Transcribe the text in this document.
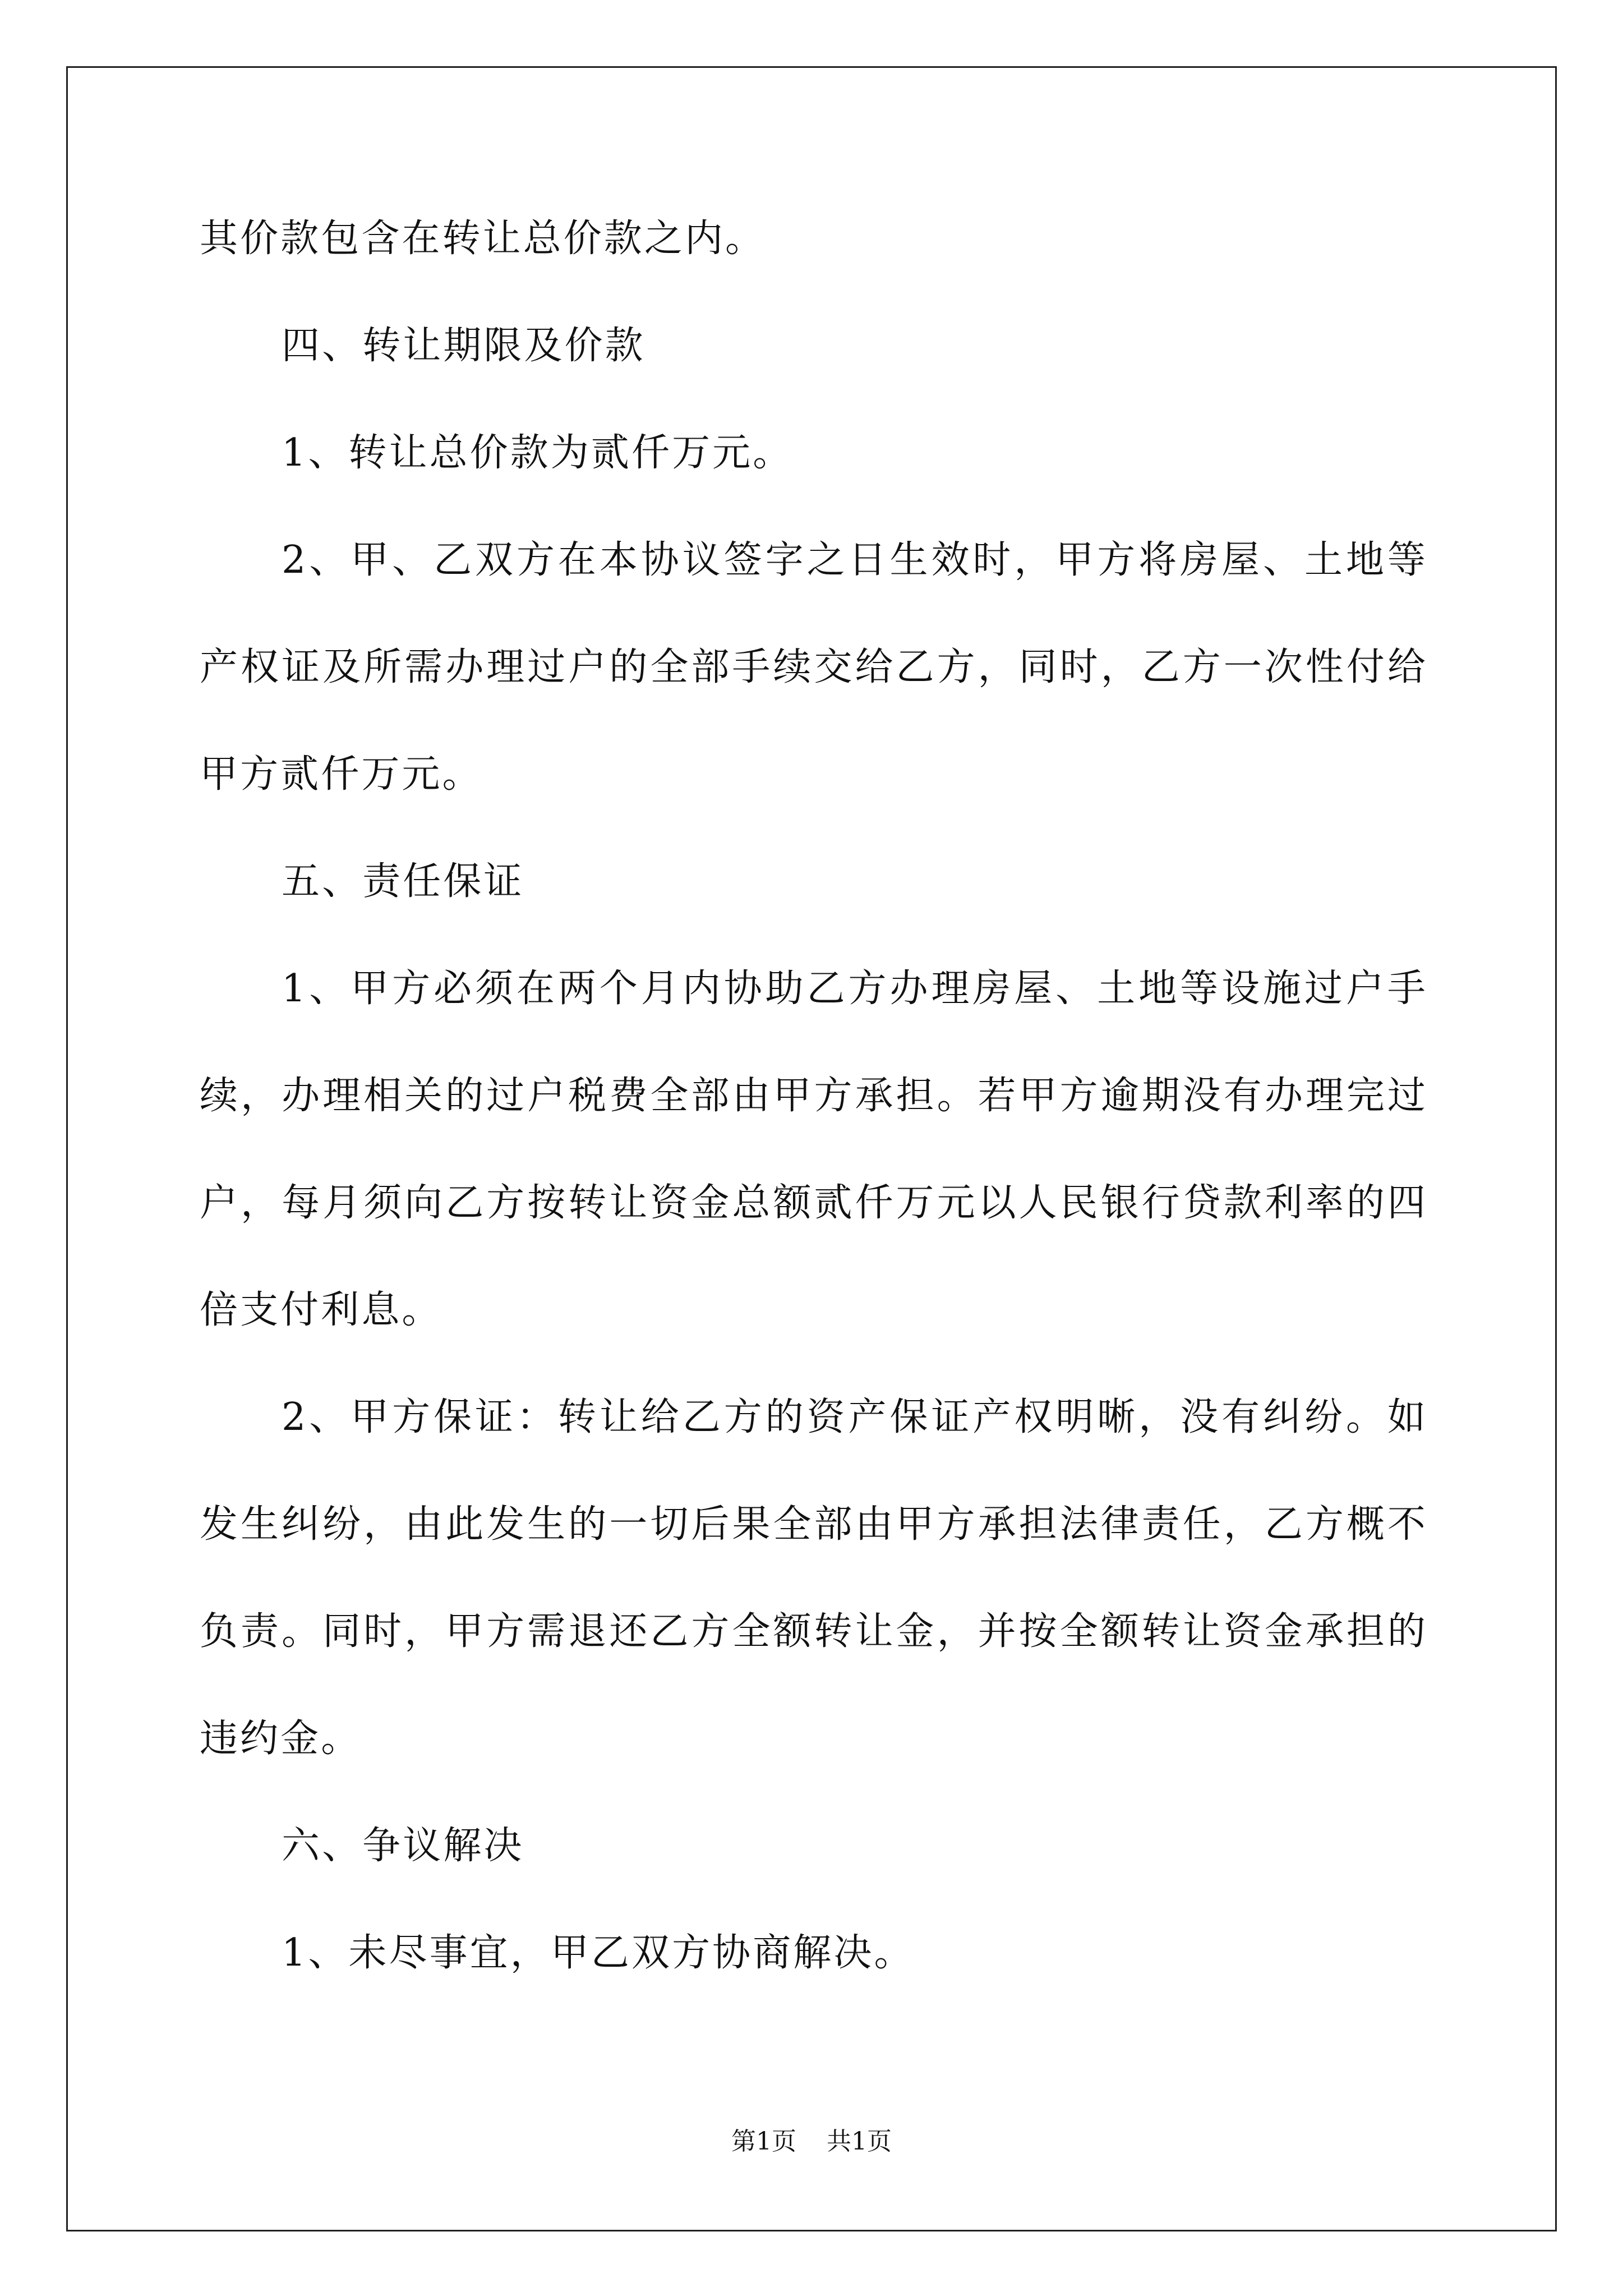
其价款包含在转让总价款之内。

四、转让期限及价款

1、转让总价款为贰仟万元。

2、甲、乙双方在本协议签字之日生效时，甲方将房屋、土地等产权证及所需办理过户的全部手续交给乙方，同时，乙方一次性付给甲方贰仟万元。

五、责任保证

1、甲方必须在两个月内协助乙方办理房屋、土地等设施过户手续，办理相关的过户税费全部由甲方承担。若甲方逾期没有办理完过户，每月须向乙方按转让资金总额贰仟万元以人民银行贷款利率的四倍支付利息。

2、甲方保证：转让给乙方的资产保证产权明晰，没有纠纷。如发生纠纷，由此发生的一切后果全部由甲方承担法律责任，乙方概不负责。同时，甲方需退还乙方全额转让金，并按全额转让资金承担的违约金。

六、争议解决

1、未尽事宜，甲乙双方协商解决。

第1页 共1页
